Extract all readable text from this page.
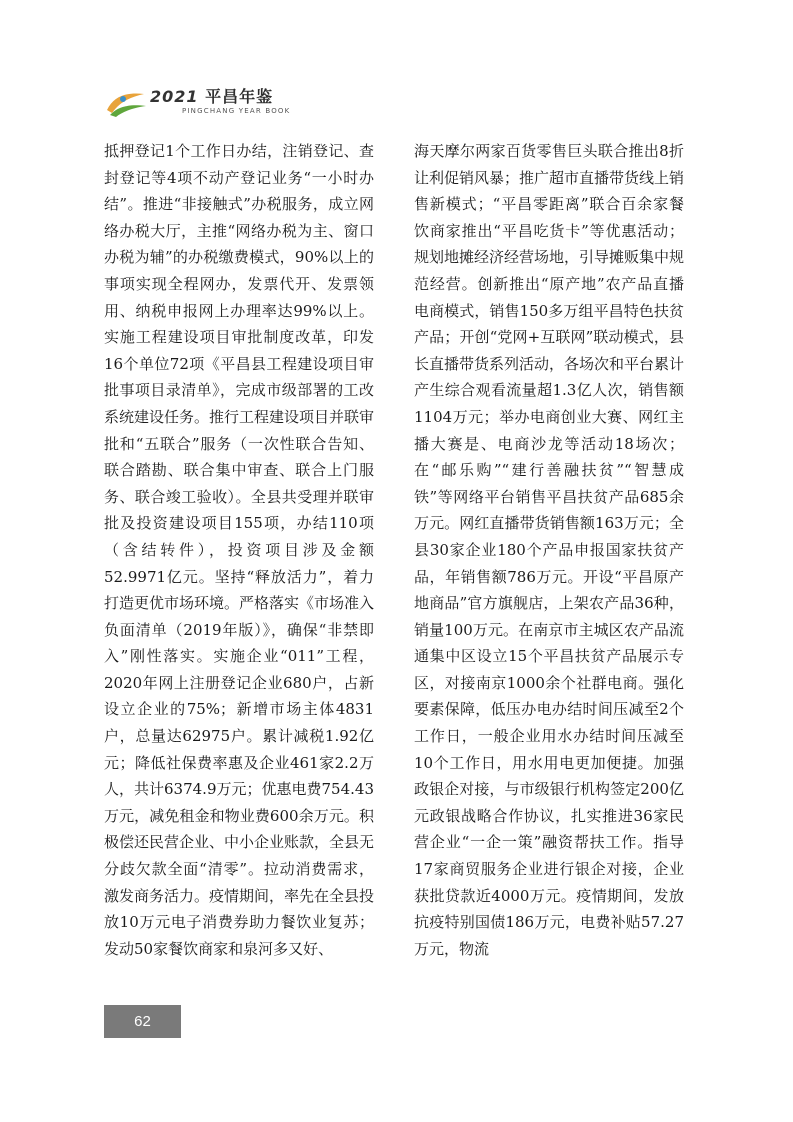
2021 平昌年鉴
PINGCHANG YEAR BOOK
抵押登记1个工作日办结，注销登记、查封登记等4项不动产登记业务“一小时办结”。推进“非接触式”办税服务，成立网络办税大厅，主推“网络办税为主、窗口办税为辅”的办税缴费模式，90%以上的事项实现全程网办，发票代开、发票领用、纳税申报网上办理率达99%以上。实施工程建设项目审批制度改革，印发16个单位72项《平昌县工程建设项目审批事项目录清单》，完成市级部署的工改系统建设任务。推行工程建设项目并联审批和“五联合”服务（一次性联合告知、联合踏勘、联合集中审查、联合上门服务、联合竣工验收）。全县共受理并联审批及投资建设项目155项，办结110项（含结转件），投资项目涉及金额52.9971亿元。坚持“释放活力”，着力打造更优市场环境。严格落实《市场准入负面清单（2019年版）》，确保“非禁即入”刚性落实。实施企业“011”工程，2020年网上注册登记企业680户，占新设立企业的75%；新增市场主体4831户，总量达62975户。累计减税1.92亿元；降低社保费率惠及企业461家2.2万人，共计6374.9万元；优惠电费754.43万元，减免租金和物业费600余万元。积极偿还民营企业、中小企业账款，全县无分歧欠款全面“清零”。拉动消费需求，激发商务活力。疫情期间，率先在全县投放10万元电子消费券助力餐饮业复苏；发动50家餐饮商家和泉河多又好、
海天摩尔两家百货零售巨头联合推出8折让利促销风暴；推广超市直播带货线上销售新模式；“平昌零距离”联合百余家餐饮商家推出“平昌吃货卡”等优惠活动；规划地摊经济经营场地，引导摊贩集中规范经营。创新推出“原产地”农产品直播电商模式，销售150多万组平昌特色扶贫产品；开创“党网+互联网”联动模式，县长直播带货系列活动，各场次和平台累计产生综合观看流量超1.3亿人次，销售额1104万元；举办电商创业大赛、网红主播大赛是、电商沙龙等活动18场次；在“邮乐购”“建行善融扶贫”“智慧成铁”等网络平台销售平昌扶贫产品685余万元。网红直播带货销售额163万元；全县30家企业180个产品申报国家扶贫产品，年销售额786万元。开设“平昌原产地商品”官方旗舰店，上架农产品36种，销量100万元。在南京市主城区农产品流通集中区设立15个平昌扶贫产品展示专区，对接南京1000余个社群电商。强化要素保障，低压办电办结时间压减至2个工作日，一般企业用水办结时间压减至10个工作日，用水用电更加便捷。加强政银企对接，与市级银行机构签定200亿元政银战略合作协议，扎实推进36家民营企业“一企一策”融资帮扶工作。指导17家商贸服务企业进行银企对接，企业获批贷款近4000万元。疫情期间，发放抗疫特别国债186万元，电费补贴57.27万元，物流
62
